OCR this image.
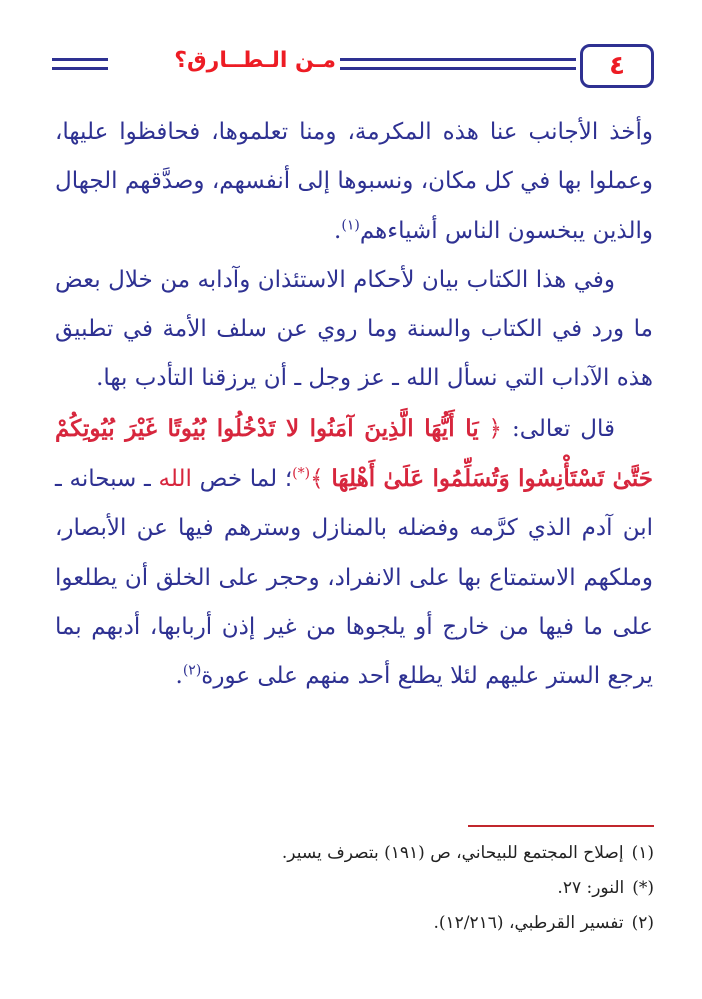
مـن الـطــارق؟	٤

وأخذ الأجانب عنا هذه المكرمة، ومنا تعلموها، فحافظوا عليها، وعملوا بها في كل مكان، ونسبوها إلى أنفسهم، وصدَّقهم الجهال والذين يبخسون الناس أشياءهم$^{(١)}$.

وفي هذا الكتاب بيان لأحكام الاستئذان وآدابه من خلال بعض ما ورد في الكتاب والسنة وما روي عن سلف الأمة في تطبيق هذه الآداب التي نسأل الله ـ عز وجل ـ أن يرزقنا التأدب بها.

قال تعالى: ﴿ يَا أَيُّهَا الَّذِينَ آمَنُوا لا تَدْخُلُوا بُيُوتًا غَيْرَ بُيُوتِكُمْ حَتَّىٰ تَسْتَأْنِسُوا وَتُسَلِّمُوا عَلَىٰ أَهْلِهَا ﴾(*)؛ لما خص الله ـ سبحانه ـ ابن آدم الذي كرَّمه وفضله بالمنازل وسترهم فيها عن الأبصار، وملكهم الاستمتاع بها على الانفراد، وحجر على الخلق أن يطلعوا على ما فيها من خارج أو يلجوها من غير إذن أربابها، أدبهم بما يرجع الستر عليهم لئلا يطلع أحد منهم على عورة$^{(٢)}$.

(١)إصلاح المجتمع للبيحاني، ص (١٩١) بتصرف يسير.

(*)النور: ٢٧.

(٢)تفسير القرطبي، (١٢/٢١٦).
